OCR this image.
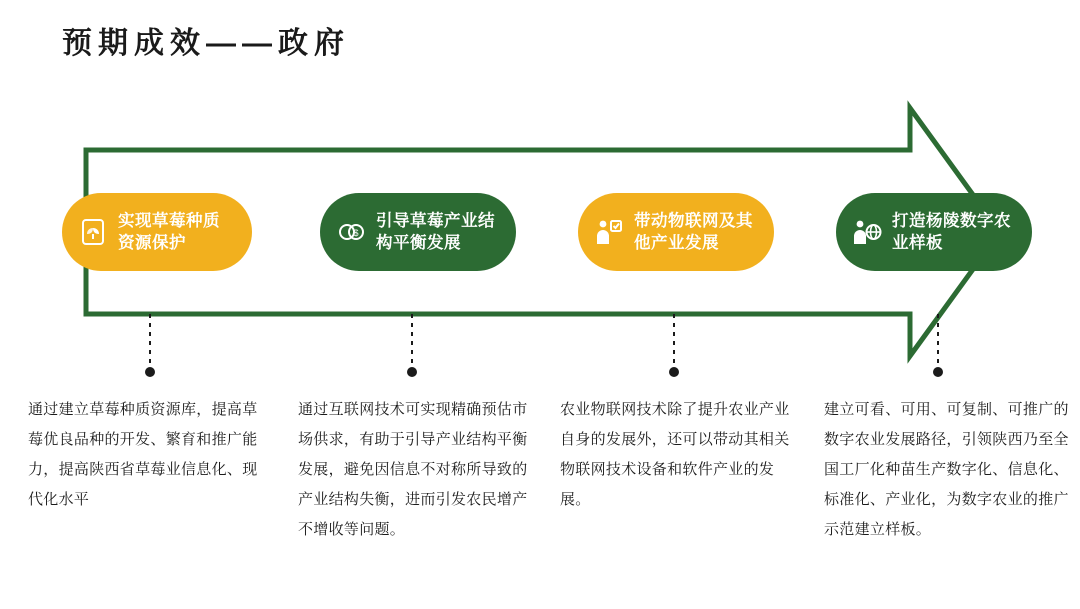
预期成效——政府
实现草莓种质资源保护
$
引导草莓产业结构平衡发展
带动物联网及其他产业发展
打造杨陵数字农业样板
通过建立草莓种质资源库，提高草莓优良品种的开发、繁育和推广能力，提高陕西省草莓业信息化、现代化水平
通过互联网技术可实现精确预估市场供求，有助于引导产业结构平衡发展，避免因信息不对称所导致的产业结构失衡，进而引发农民增产不增收等问题。
农业物联网技术除了提升农业产业自身的发展外，还可以带动其相关物联网技术设备和软件产业的发展。
建立可看、可用、可复制、可推广的数字农业发展路径，引领陕西乃至全国工厂化种苗生产数字化、信息化、标准化、产业化，为数字农业的推广示范建立样板。
